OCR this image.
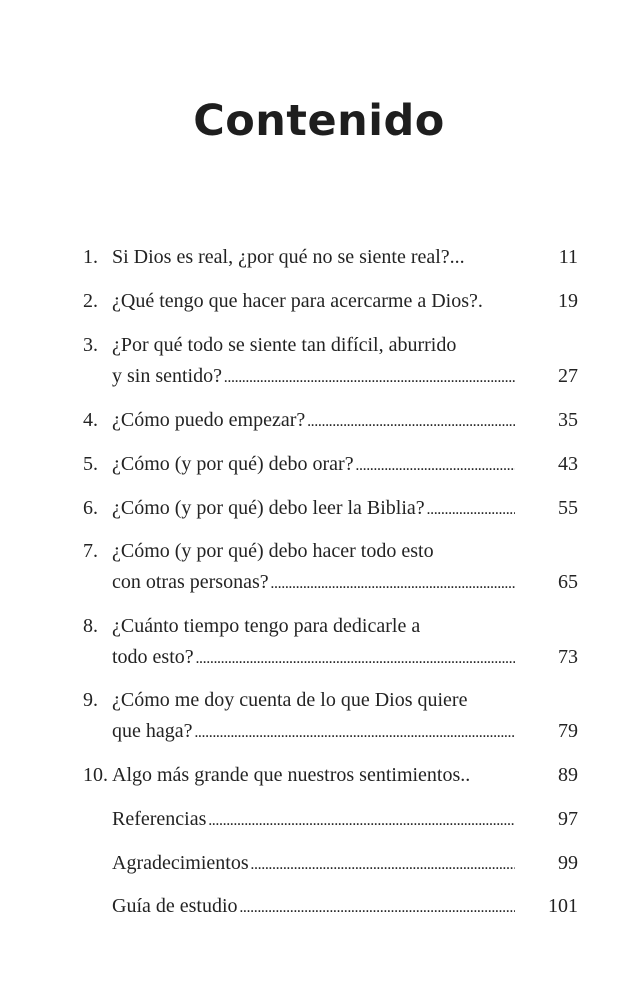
Contenido
1. Si Dios es real, ¿por qué no se siente real?...	11
2. ¿Qué tengo que hacer para acercarme a Dios?.	19
3. ¿Por qué todo se siente tan difícil, aburrido
y sin sentido? . . .	27
4. ¿Cómo puedo empezar? . . .	35
5. ¿Cómo (y por qué) debo orar? . . .	43
6. ¿Cómo (y por qué) debo leer la Biblia? . . .	55
7. ¿Cómo (y por qué) debo hacer todo esto
con otras personas? . . .	65
8. ¿Cuánto tiempo tengo para dedicarle a
todo esto? . . .	73
9. ¿Cómo me doy cuenta de lo que Dios quiere
que haga? . . .	79
10. Algo más grande que nuestros sentimientos..	89
Referencias . . .	97
Agradecimientos . . .	99
Guía de estudio . . .	101
